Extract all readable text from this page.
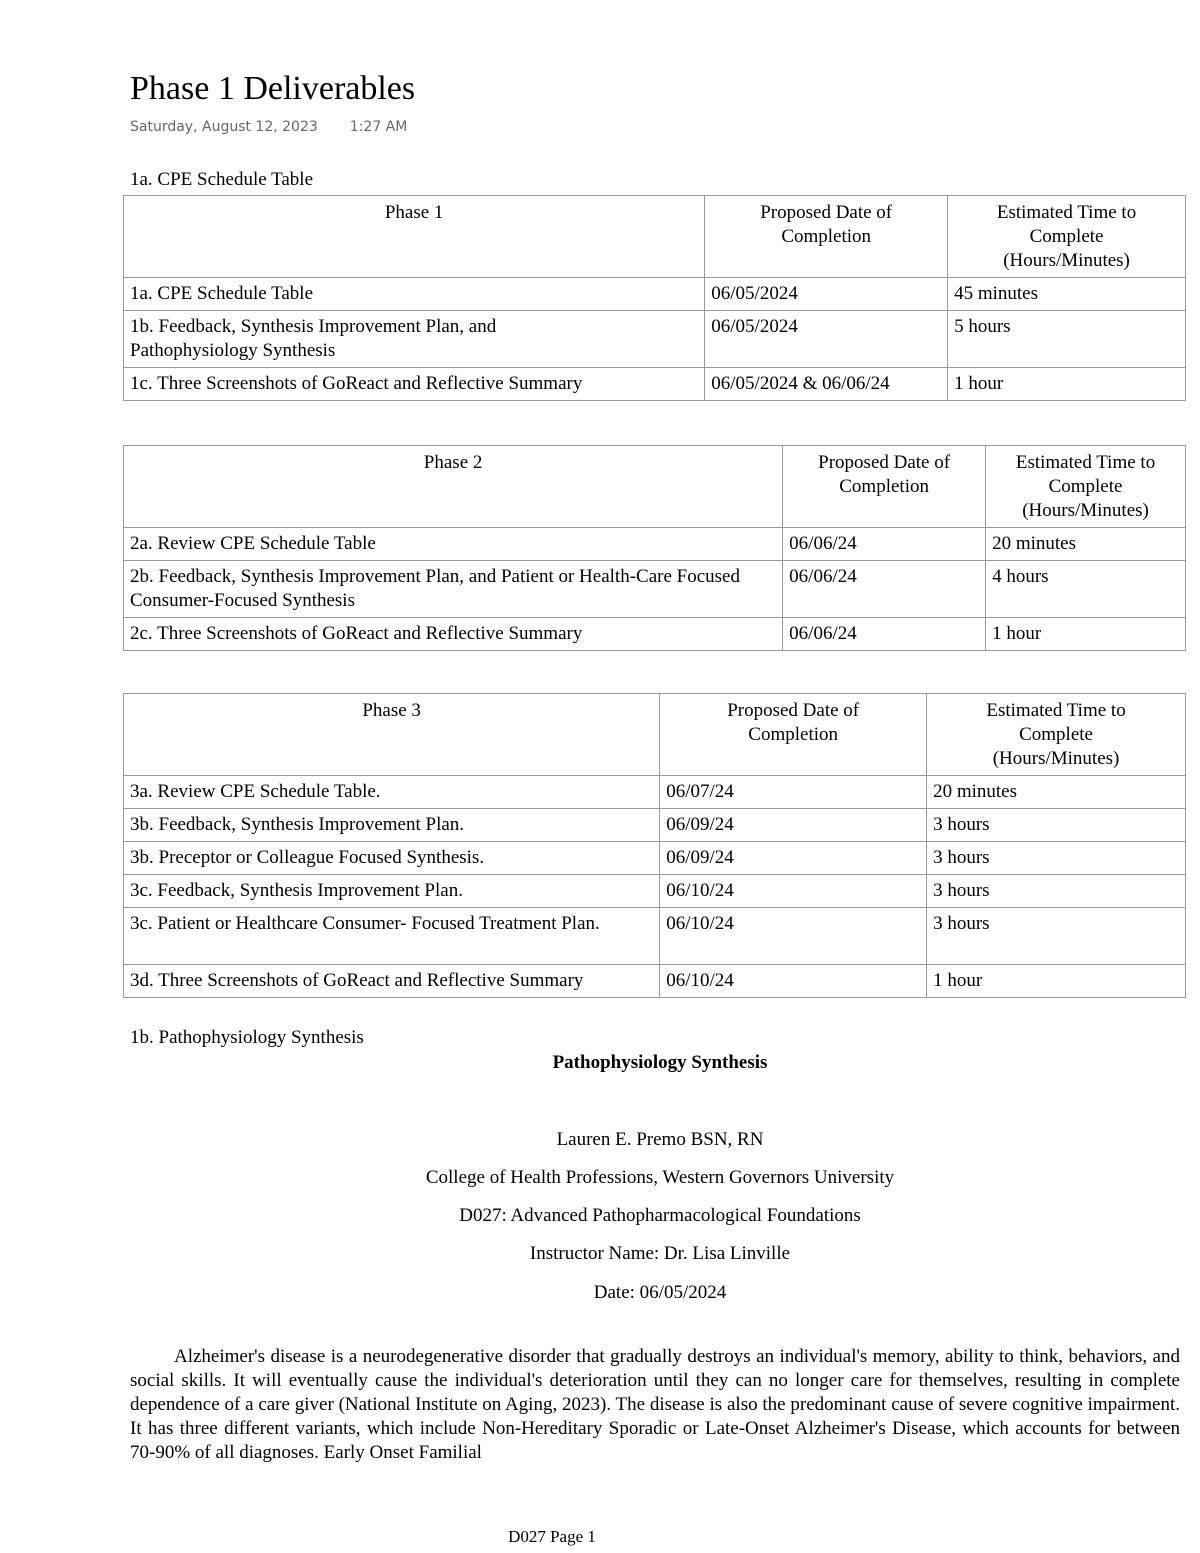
Phase 1 Deliverables
Saturday, August 12, 2023 1:27 AM
1a. CPE Schedule Table
Phase 1	Proposed Date of Completion	Estimated Time to Complete (Hours/Minutes)
1a. CPE Schedule Table	06/05/2024	45 minutes
1b. Feedback, Synthesis Improvement Plan, and Pathophysiology Synthesis	06/05/2024	5 hours
1c. Three Screenshots of GoReact and Reflective Summary	06/05/2024 & 06/06/24	1 hour
Phase 2	Proposed Date of Completion	Estimated Time to Complete (Hours/Minutes)
2a. Review CPE Schedule Table	06/06/24	20 minutes
2b. Feedback, Synthesis Improvement Plan, and Patient or Health-Care Focused Consumer-Focused Synthesis	06/06/24	4 hours
2c. Three Screenshots of GoReact and Reflective Summary	06/06/24	1 hour
Phase 3	Proposed Date of Completion	Estimated Time to Complete (Hours/Minutes)
3a. Review CPE Schedule Table.	06/07/24	20 minutes
3b. Feedback, Synthesis Improvement Plan.	06/09/24	3 hours
3b. Preceptor or Colleague Focused Synthesis.	06/09/24	3 hours
3c. Feedback, Synthesis Improvement Plan.	06/10/24	3 hours
3c. Patient or Healthcare Consumer- Focused Treatment Plan.	06/10/24	3 hours
3d. Three Screenshots of GoReact and Reflective Summary	06/10/24	1 hour
1b. Pathophysiology Synthesis
Pathophysiology Synthesis
Lauren E. Premo BSN, RN
College of Health Professions, Western Governors University
D027: Advanced Pathopharmacological Foundations
Instructor Name: Dr. Lisa Linville
Date: 06/05/2024

Alzheimer's disease is a neurodegenerative disorder that gradually destroys an individual's memory, ability to think, behaviors, and social skills. It will eventually cause the individual's deterioration until they can no longer care for themselves, resulting in complete dependence of a care giver (National Institute on Aging, 2023). The disease is also the predominant cause of severe cognitive impairment. It has three different variants, which include Non-Hereditary Sporadic or Late-Onset Alzheimer's Disease, which accounts for between 70-90% of all diagnoses. Early Onset Familial

D027 Page 1
